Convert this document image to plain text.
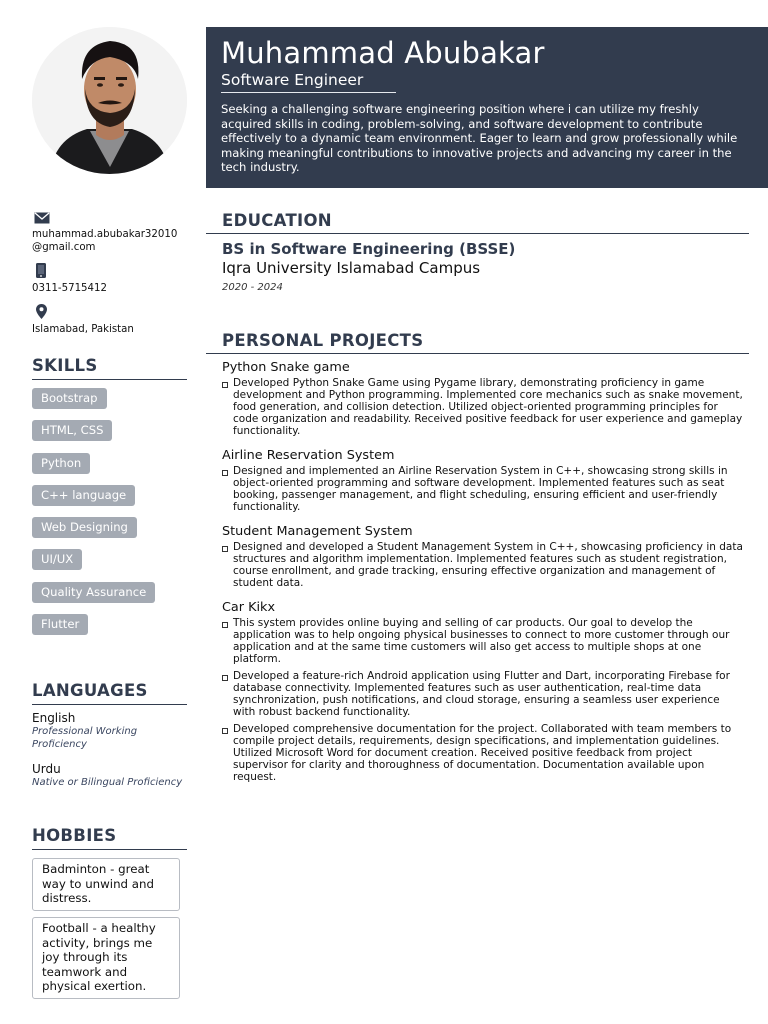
Muhammad Abubakar
Software Engineer

Seeking a challenging software engineering position where i can utilize my freshly acquired skills in coding, problem-solving, and software development to contribute effectively to a dynamic team environment. Eager to learn and grow professionally while making meaningful contributions to innovative projects and advancing my career in the tech industry.

muhammad.abubakar32010
@gmail.com
0311-5715412
Islamabad, Pakistan
SKILLS
Bootstrap
HTML, CSS
Python
C++ language
Web Designing
UI/UX
Quality Assurance
Flutter
LANGUAGES
English
Professional Working
Proficiency
Urdu
Native or Bilingual Proficiency
HOBBIES
Badminton - great way to unwind and distress.
Football - a healthy activity, brings me joy through its teamwork and physical exertion.
EDUCATION
BS in Software Engineering (BSSE)
Iqra University Islamabad Campus
2020 - 2024
PERSONAL PROJECTS
Python Snake game
Developed Python Snake Game using Pygame library, demonstrating proficiency in game development and Python programming. Implemented core mechanics such as snake movement, food generation, and collision detection. Utilized object-oriented programming principles for code organization and readability. Received positive feedback for user experience and gameplay functionality.
Airline Reservation System
Designed and implemented an Airline Reservation System in C++, showcasing strong skills in object-oriented programming and software development. Implemented features such as seat booking, passenger management, and flight scheduling, ensuring efficient and user-friendly functionality.
Student Management System
Designed and developed a Student Management System in C++, showcasing proficiency in data structures and algorithm implementation. Implemented features such as student registration, course enrollment, and grade tracking, ensuring effective organization and management of student data.
Car Kikx
This system provides online buying and selling of car products. Our goal to develop the application was to help ongoing physical businesses to connect to more customer through our application and at the same time customers will also get access to multiple shops at one platform.
Developed a feature-rich Android application using Flutter and Dart, incorporating Firebase for database connectivity. Implemented features such as user authentication, real-time data synchronization, push notifications, and cloud storage, ensuring a seamless user experience with robust backend functionality.
Developed comprehensive documentation for the project. Collaborated with team members to compile project details, requirements, design specifications, and implementation guidelines. Utilized Microsoft Word for document creation. Received positive feedback from project supervisor for clarity and thoroughness of documentation. Documentation available upon request.
